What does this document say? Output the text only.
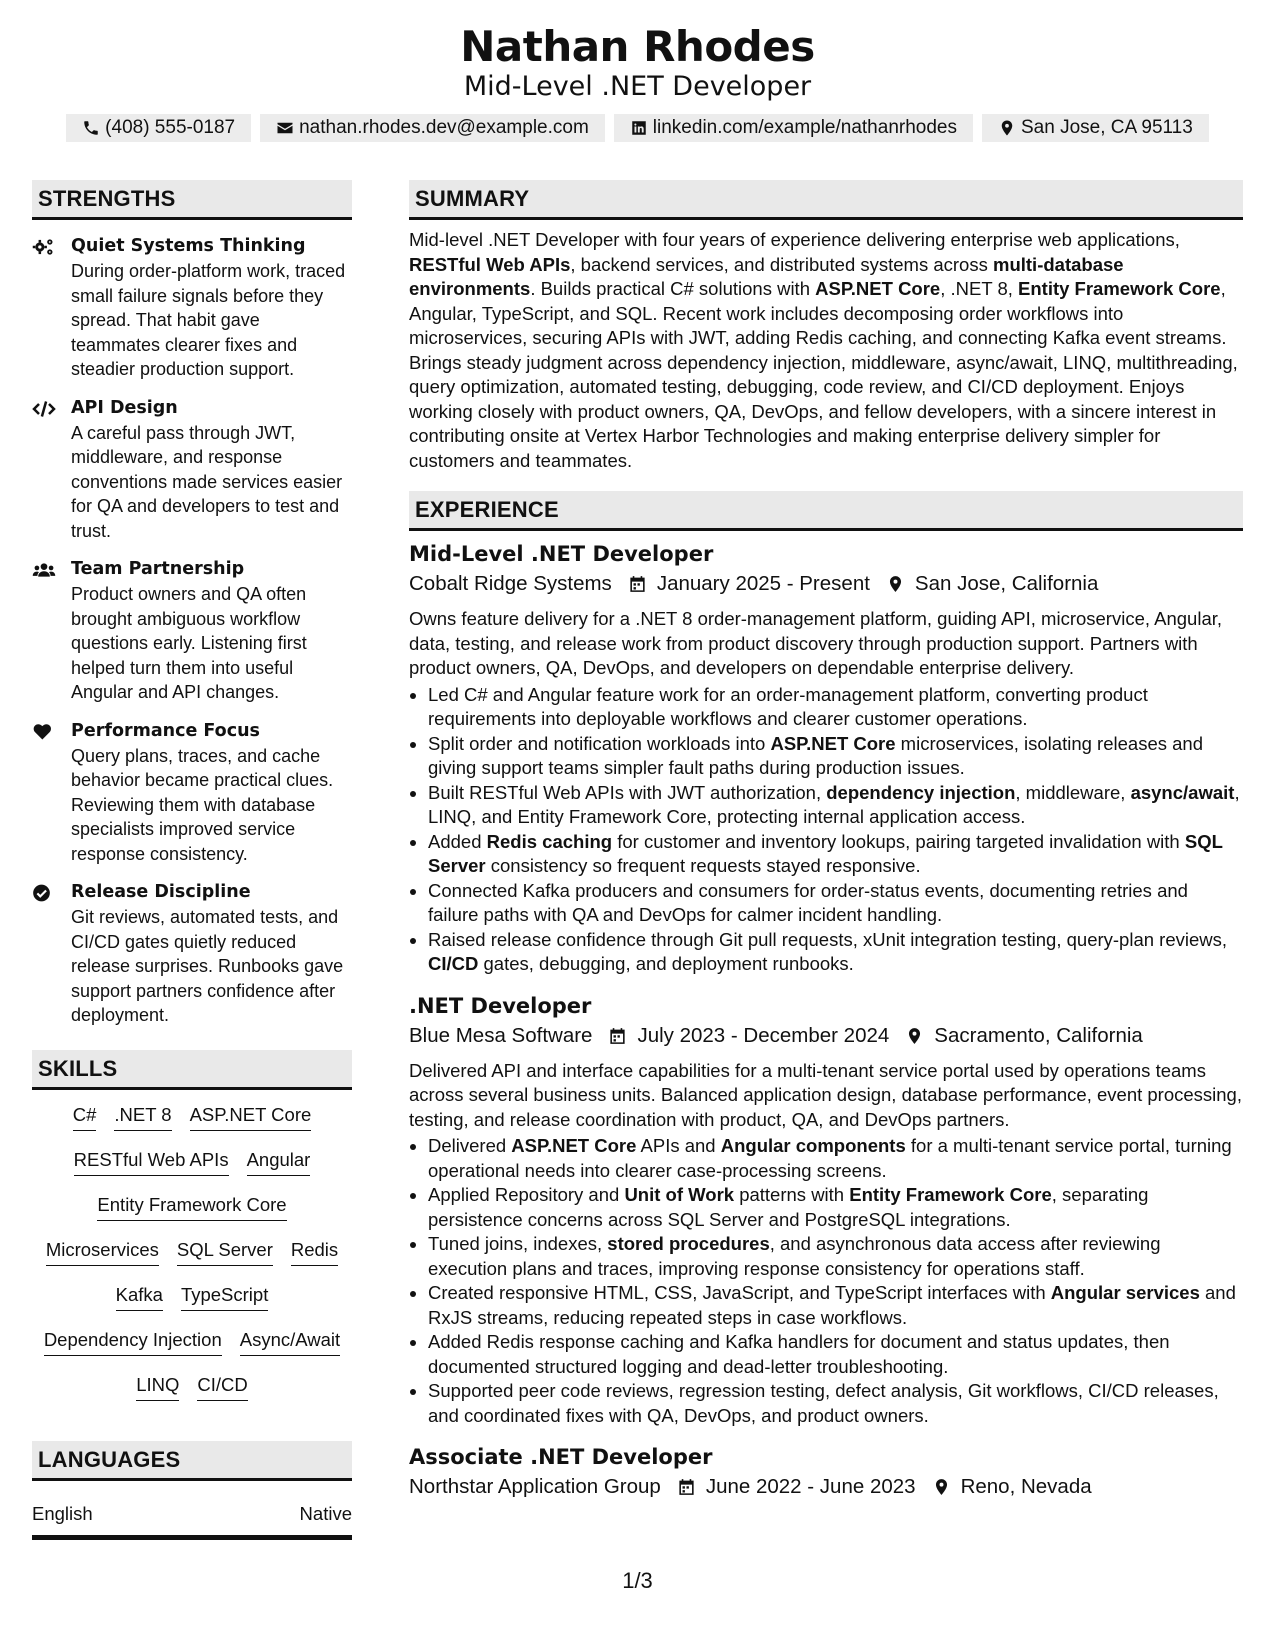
Nathan Rhodes
Mid-Level .NET Developer
(408) 555-0187	nathan.rhodes.dev@example.com	linkedin.com/example/nathanrhodes	San Jose, CA 95113
STRENGTHS
Quiet Systems Thinking
During order-platform work, traced small failure signals before they spread. That habit gave teammates clearer fixes and steadier production support.
API Design
A careful pass through JWT, middleware, and response conventions made services easier for QA and developers to test and trust.
Team Partnership
Product owners and QA often brought ambiguous workflow questions early. Listening first helped turn them into useful Angular and API changes.
Performance Focus
Query plans, traces, and cache behavior became practical clues. Reviewing them with database specialists improved service response consistency.
Release Discipline
Git reviews, automated tests, and CI/CD gates quietly reduced release surprises. Runbooks gave support partners confidence after deployment.
SKILLS
C# .NET 8 ASP.NET Core
RESTful Web APIs Angular
Entity Framework Core
Microservices SQL Server Redis
Kafka TypeScript
Dependency Injection Async/Await
LINQ CI/CD
LANGUAGES
English	Native
SUMMARY
Mid-level .NET Developer with four years of experience delivering enterprise web applications, RESTful Web APIs, backend services, and distributed systems across multi-database environments. Builds practical C# solutions with ASP.NET Core, .NET 8, Entity Framework Core, Angular, TypeScript, and SQL. Recent work includes decomposing order workflows into microservices, securing APIs with JWT, adding Redis caching, and connecting Kafka event streams. Brings steady judgment across dependency injection, middleware, async/await, LINQ, multithreading, query optimization, automated testing, debugging, code review, and CI/CD deployment. Enjoys working closely with product owners, QA, DevOps, and fellow developers, with a sincere interest in contributing onsite at Vertex Harbor Technologies and making enterprise delivery simpler for customers and teammates.
EXPERIENCE
Mid-Level .NET Developer
Cobalt Ridge Systems January 2025 - Present San Jose, California
Owns feature delivery for a .NET 8 order-management platform, guiding API, microservice, Angular, data, testing, and release work from product discovery through production support. Partners with product owners, QA, DevOps, and developers on dependable enterprise delivery.
• Led C# and Angular feature work for an order-management platform, converting product requirements into deployable workflows and clearer customer operations.
• Split order and notification workloads into ASP.NET Core microservices, isolating releases and giving support teams simpler fault paths during production issues.
• Built RESTful Web APIs with JWT authorization, dependency injection, middleware, async/await, LINQ, and Entity Framework Core, protecting internal application access.
• Added Redis caching for customer and inventory lookups, pairing targeted invalidation with SQL Server consistency so frequent requests stayed responsive.
• Connected Kafka producers and consumers for order-status events, documenting retries and failure paths with QA and DevOps for calmer incident handling.
• Raised release confidence through Git pull requests, xUnit integration testing, query-plan reviews, CI/CD gates, debugging, and deployment runbooks.
.NET Developer
Blue Mesa Software July 2023 - December 2024 Sacramento, California
Delivered API and interface capabilities for a multi-tenant service portal used by operations teams across several business units. Balanced application design, database performance, event processing, testing, and release coordination with product, QA, and DevOps partners.
• Delivered ASP.NET Core APIs and Angular components for a multi-tenant service portal, turning operational needs into clearer case-processing screens.
• Applied Repository and Unit of Work patterns with Entity Framework Core, separating persistence concerns across SQL Server and PostgreSQL integrations.
• Tuned joins, indexes, stored procedures, and asynchronous data access after reviewing execution plans and traces, improving response consistency for operations staff.
• Created responsive HTML, CSS, JavaScript, and TypeScript interfaces with Angular services and RxJS streams, reducing repeated steps in case workflows.
• Added Redis response caching and Kafka handlers for document and status updates, then documented structured logging and dead-letter troubleshooting.
• Supported peer code reviews, regression testing, defect analysis, Git workflows, CI/CD releases, and coordinated fixes with QA, DevOps, and product owners.
Associate .NET Developer
Northstar Application Group June 2022 - June 2023 Reno, Nevada
1/3
